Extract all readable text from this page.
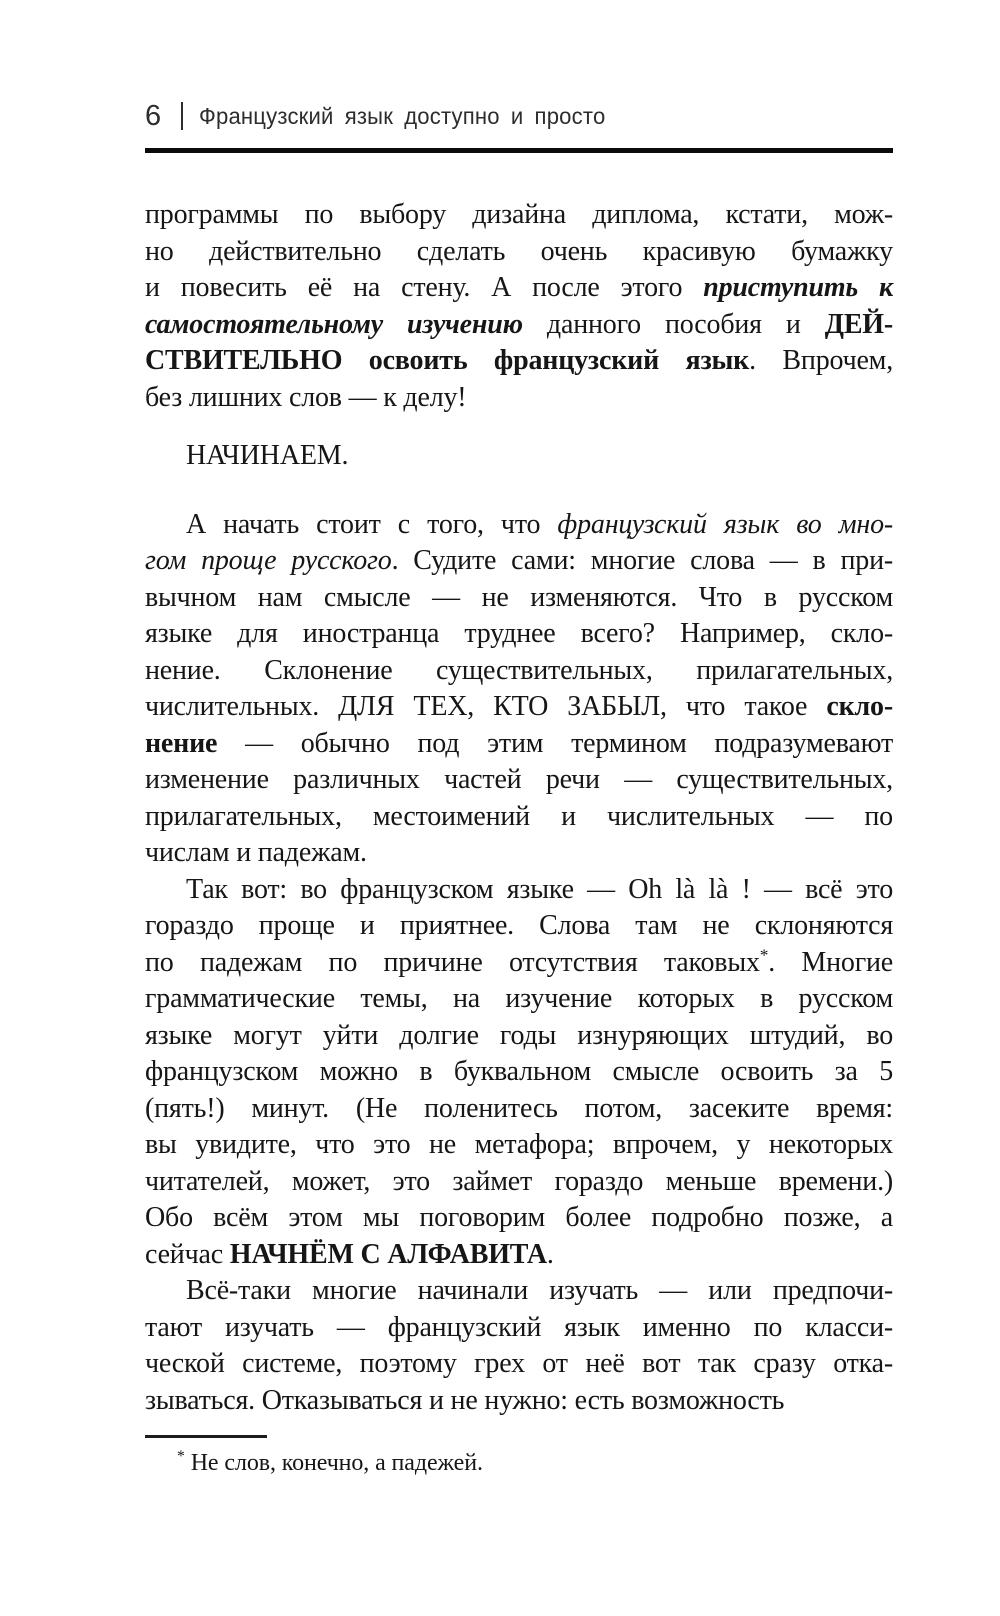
6 Французский язык доступно и просто
программы по выбору дизайна диплома, кстати, мож-
но действительно сделать очень красивую бумажку
и повесить её на стену. А после этого приступить к
самостоятельному изучению данного пособия и ДЕЙ-
СТВИТЕЛЬНО освоить французский язык. Впрочем,
без лишних слов — к делу!
НАЧИНАЕМ.
А начать стоит с того, что французский язык во мно-
гом проще русского. Судите сами: многие слова — в при-
вычном нам смысле — не изменяются. Что в русском
языке для иностранца труднее всего? Например, скло-
нение. Склонение существительных, прилагательных,
числительных. ДЛЯ ТЕХ, КТО ЗАБЫЛ, что такое скло-
нение — обычно под этим термином подразумевают
изменение различных частей речи — существительных,
прилагательных, местоимений и числительных — по
числам и падежам.
Так вот: во французском языке — Oh là là ! — всё это
гораздо проще и приятнее. Слова там не склоняются
по падежам по причине отсутствия таковых*. Многие
грамматические темы, на изучение которых в русском
языке могут уйти долгие годы изнуряющих штудий, во
французском можно в буквальном смысле освоить за 5
(пять!) минут. (Не поленитесь потом, засеките время:
вы увидите, что это не метафора; впрочем, у некоторых
читателей, может, это займет гораздо меньше времени.)
Обо всём этом мы поговорим более подробно позже, а
сейчас НАЧНЁМ С АЛФАВИТА.
Всё-таки многие начинали изучать — или предпочи-
тают изучать — французский язык именно по класси-
ческой системе, поэтому грех от неё вот так сразу отка-
зываться. Отказываться и не нужно: есть возможность
* Не слов, конечно, а падежей.
